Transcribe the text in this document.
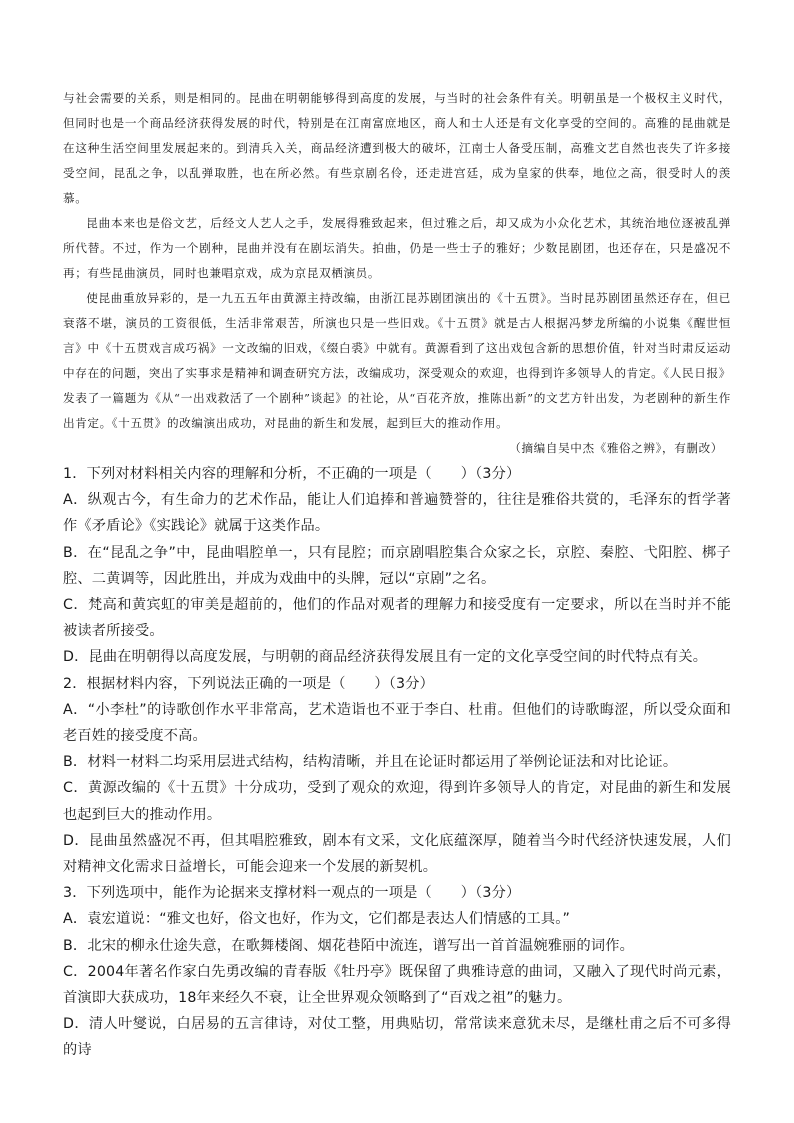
与社会需要的关系，则是相同的。昆曲在明朝能够得到高度的发展，与当时的社会条件有关。明朝虽是一个极权主义时代，但同时也是一个商品经济获得发展的时代，特别是在江南富庶地区，商人和士人还是有文化享受的空间的。高雅的昆曲就是在这种生活空间里发展起来的。到清兵入关，商品经济遭到极大的破坏，江南士人备受压制，高雅文艺自然也丧失了许多接受空间，昆乱之争，以乱弹取胜，也在所必然。有些京剧名伶，还走进宫廷，成为皇家的供奉，地位之高，很受时人的羡慕。

昆曲本来也是俗文艺，后经文人艺人之手，发展得雅致起来，但过雅之后，却又成为小众化艺术，其统治地位逐被乱弹所代替。不过，作为一个剧种，昆曲并没有在剧坛消失。拍曲，仍是一些士子的雅好；少数昆剧团，也还存在，只是盛况不再；有些昆曲演员，同时也兼唱京戏，成为京昆双栖演员。

使昆曲重放异彩的，是一九五五年由黄源主持改编，由浙江昆苏剧团演出的《十五贯》。当时昆苏剧团虽然还存在，但已衰落不堪，演员的工资很低，生活非常艰苦，所演也只是一些旧戏。《十五贯》就是古人根据冯梦龙所编的小说集《醒世恒言》中《十五贯戏言成巧祸》一文改编的旧戏，《缀白裘》中就有。黄源看到了这出戏包含新的思想价值，针对当时肃反运动中存在的问题，突出了实事求是精神和调查研究方法，改编成功，深受观众的欢迎，也得到许多领导人的肯定。《人民日报》发表了一篇题为《从“一出戏救活了一个剧种”谈起》的社论，从“百花齐放，推陈出新”的文艺方针出发，为老剧种的新生作出肯定。《十五贯》的改编演出成功，对昆曲的新生和发展，起到巨大的推动作用。

（摘编自吴中杰《雅俗之辨》，有删改）

1．下列对材料相关内容的理解和分析，不正确的一项是（　　）（3分）

A．纵观古今，有生命力的艺术作品，能让人们追捧和普遍赞誉的，往往是雅俗共赏的，毛泽东的哲学著作《矛盾论》《实践论》就属于这类作品。

B．在“昆乱之争”中，昆曲唱腔单一，只有昆腔；而京剧唱腔集合众家之长，京腔、秦腔、弋阳腔、梆子腔、二黄调等，因此胜出，并成为戏曲中的头牌，冠以“京剧”之名。

C．梵高和黄宾虹的审美是超前的，他们的作品对观者的理解力和接受度有一定要求，所以在当时并不能被读者所接受。

D．昆曲在明朝得以高度发展，与明朝的商品经济获得发展且有一定的文化享受空间的时代特点有关。

2．根据材料内容，下列说法正确的一项是（　　）（3分）

A．“小李杜”的诗歌创作水平非常高，艺术造诣也不亚于李白、杜甫。但他们的诗歌晦涩，所以受众面和老百姓的接受度不高。

B．材料一材料二均采用层进式结构，结构清晰，并且在论证时都运用了举例论证法和对比论证。

C．黄源改编的《十五贯》十分成功，受到了观众的欢迎，得到许多领导人的肯定，对昆曲的新生和发展也起到巨大的推动作用。

D．昆曲虽然盛况不再，但其唱腔雅致，剧本有文采，文化底蕴深厚，随着当今时代经济快速发展，人们对精神文化需求日益增长，可能会迎来一个发展的新契机。

3．下列选项中，能作为论据来支撑材料一观点的一项是（　　）（3分）

A．袁宏道说：“雅文也好，俗文也好，作为文，它们都是表达人们情感的工具。”

B．北宋的柳永仕途失意，在歌舞楼阁、烟花巷陌中流连，谱写出一首首温婉雅丽的词作。

C．2004年著名作家白先勇改编的青春版《牡丹亭》既保留了典雅诗意的曲词，又融入了现代时尚元素，首演即大获成功，18年来经久不衰，让全世界观众领略到了“百戏之祖”的魅力。

D．清人叶燮说，白居易的五言律诗，对仗工整，用典贴切，常常读来意犹未尽，是继杜甫之后不可多得的诗
